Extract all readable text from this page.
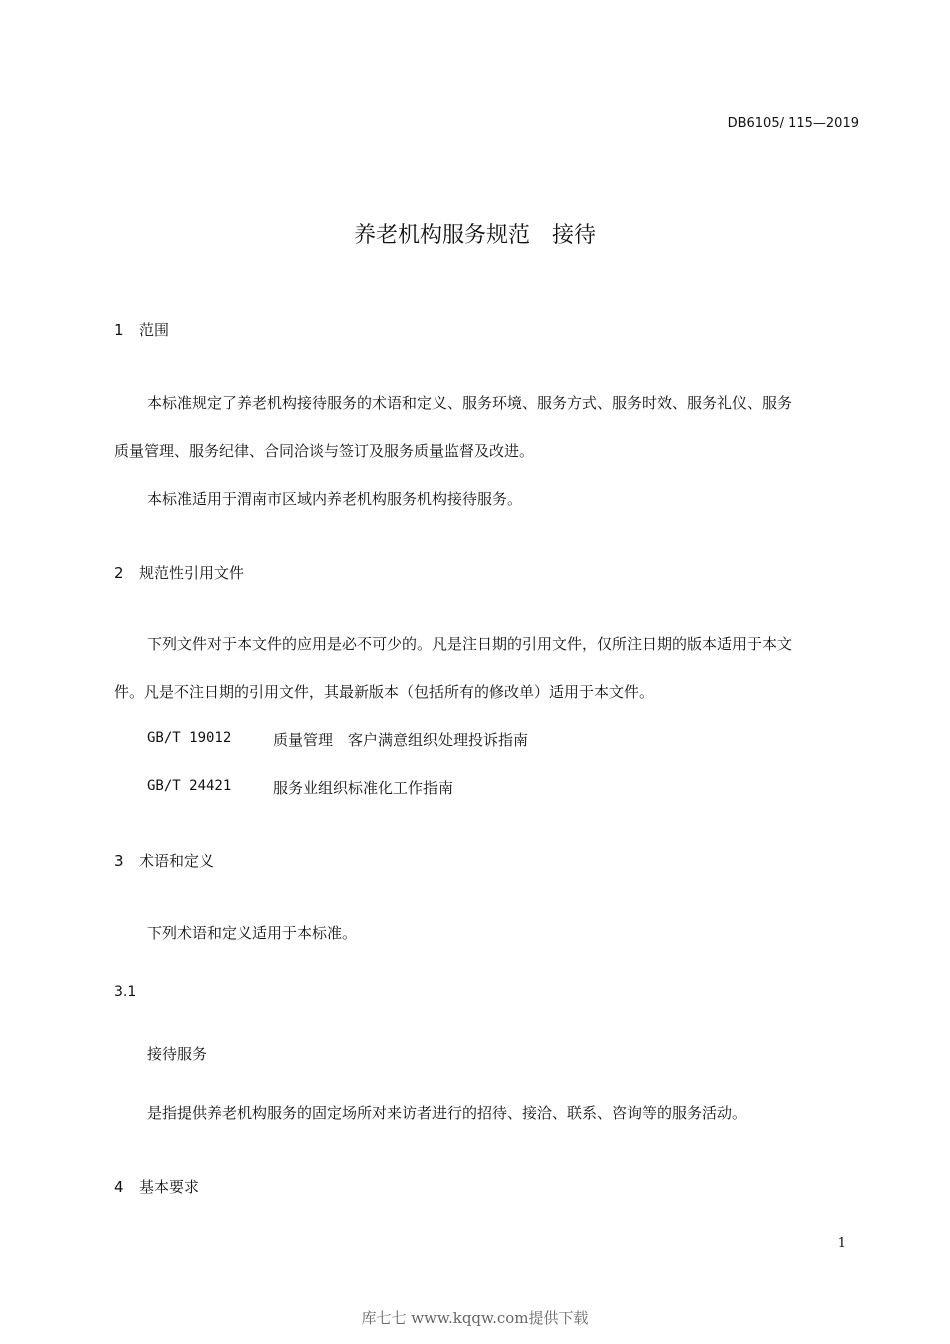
DB6105/ 115—2019
养老机构服务规范　接待
1 范围
本标准规定了养老机构接待服务的术语和定义、服务环境、服务方式、服务时效、服务礼仪、服务
质量管理、服务纪律、合同洽谈与签订及服务质量监督及改进。
本标准适用于渭南市区域内养老机构服务机构接待服务。
2 规范性引用文件
下列文件对于本文件的应用是必不可少的。凡是注日期的引用文件，仅所注日期的版本适用于本文
件。凡是不注日期的引用文件，其最新版本（包括所有的修改单）适用于本文件。
GB/T 19012	质量管理　客户满意组织处理投诉指南
GB/T 24421	服务业组织标准化工作指南
3 术语和定义
下列术语和定义适用于本标准。
3.1
接待服务
是指提供养老机构服务的固定场所对来访者进行的招待、接洽、联系、咨询等的服务活动。
4 基本要求
1
库七七 www.kqqw.com提供下载
